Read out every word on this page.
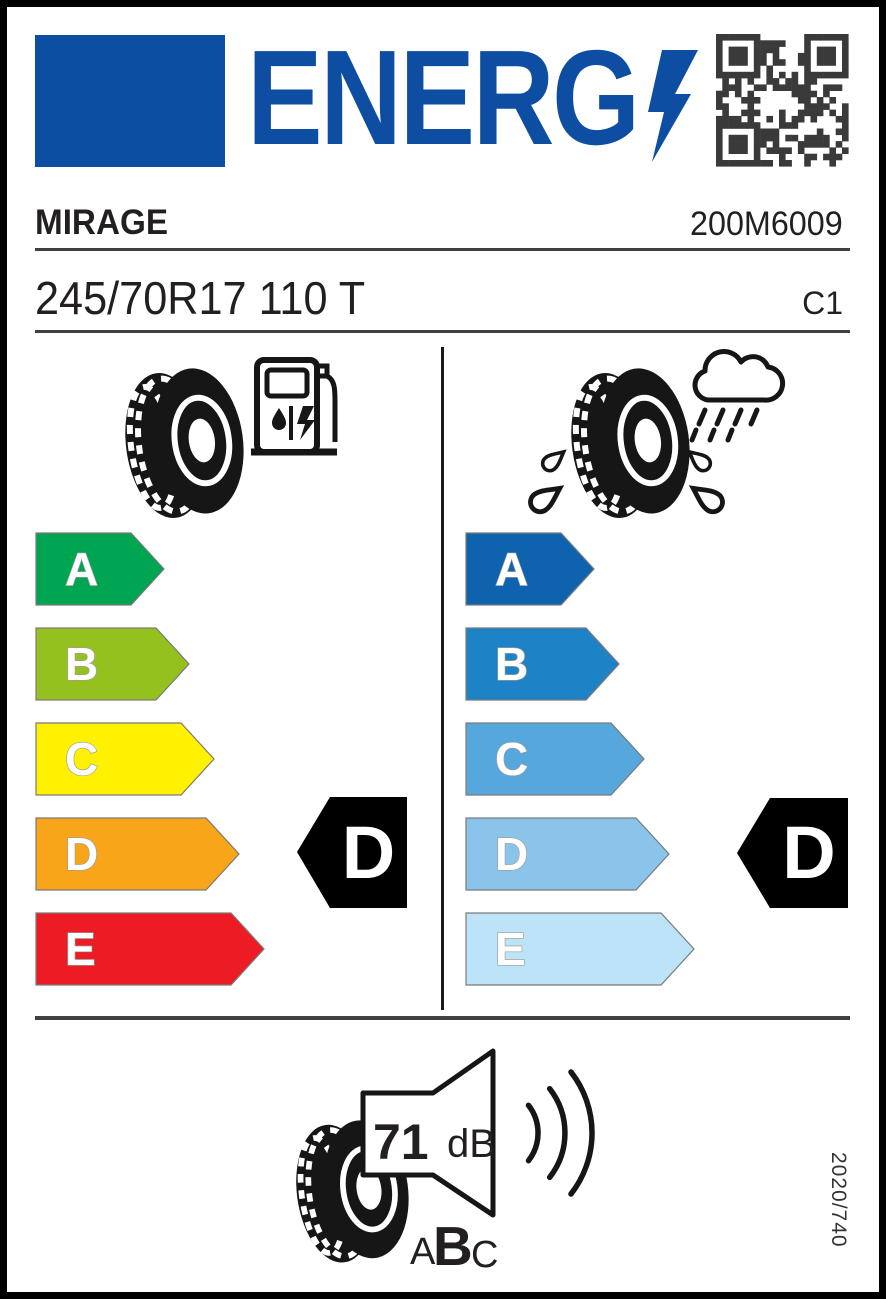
ENERG
MIRAGE	200M6009
245/70R17 110 T	C1
A
B
C
D
E
A
B
C
D
E
D	D
71 dB
A
B
C
2020/740
